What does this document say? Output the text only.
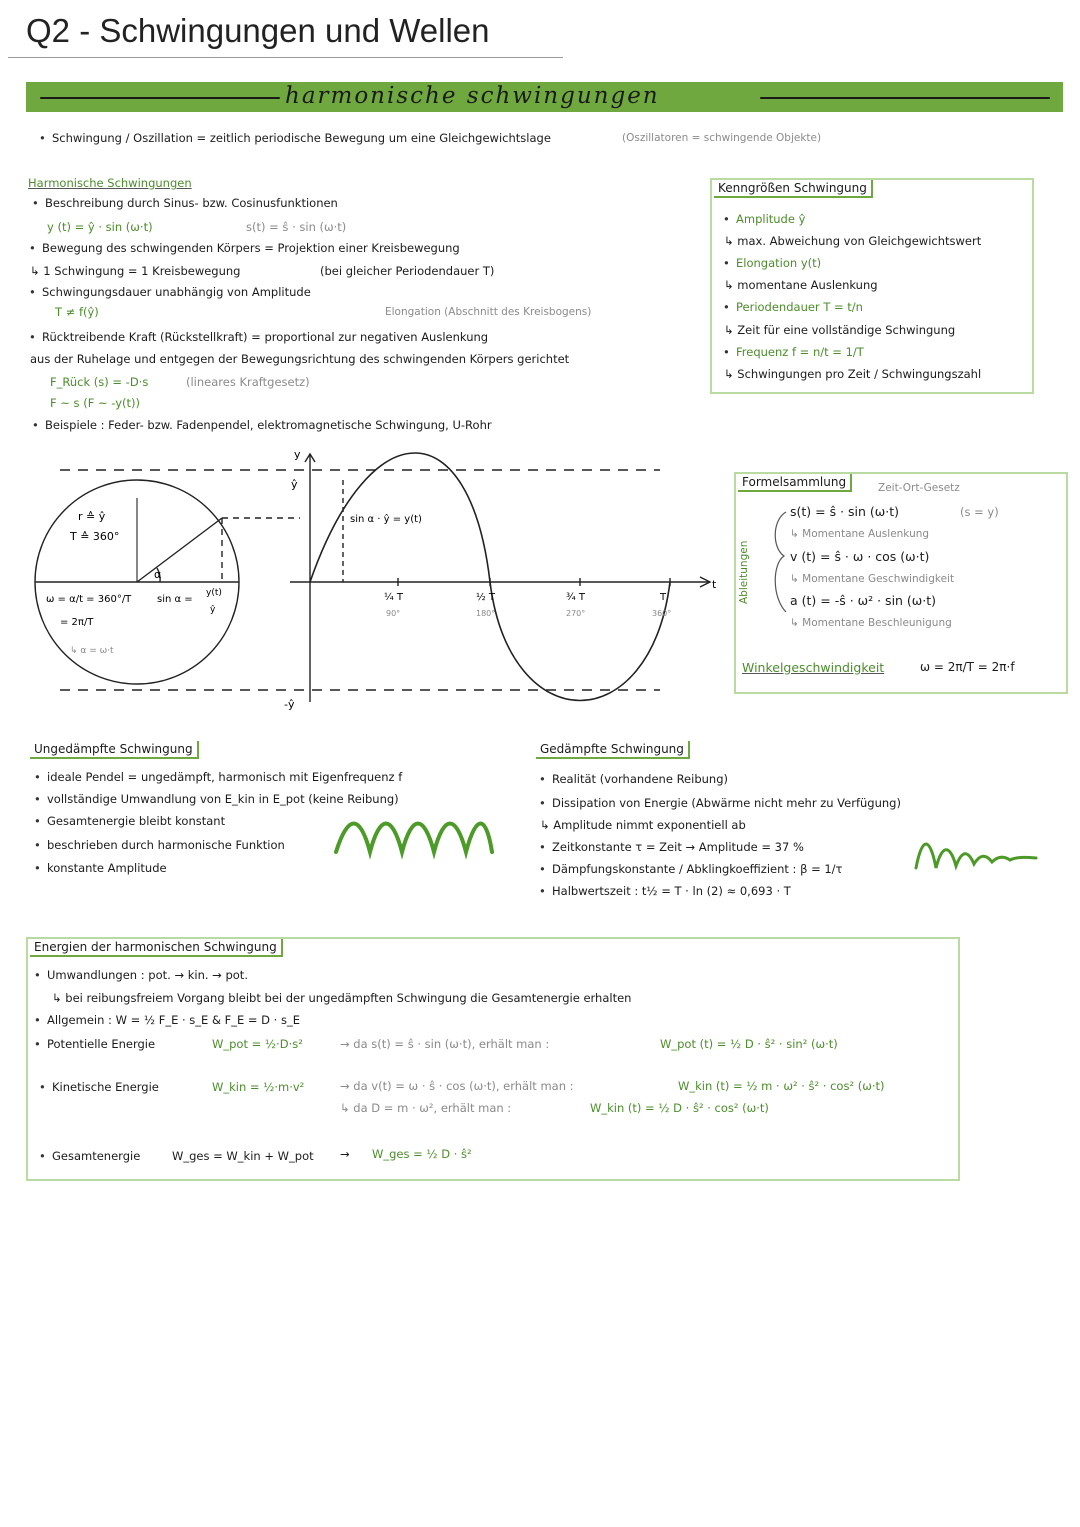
Q2 - Schwingungen und Wellen
harmonische schwingungen
• Schwingung / Oszillation = zeitlich periodische Bewegung um eine Gleichgewichtslage	(Oszillatoren = schwingende Objekte)
Harmonische Schwingungen
• Beschreibung durch Sinus- bzw. Cosinusfunktionen
y (t) = ŷ · sin (ω·t)	s(t) = ŝ · sin (ω·t)
• Bewegung des schwingenden Körpers = Projektion einer Kreisbewegung
↳ 1 Schwingung = 1 Kreisbewegung	(bei gleicher Periodendauer T)
• Schwingungsdauer unabhängig von Amplitude
T ≠ f(ŷ)	Elongation (Abschnitt des Kreisbogens)
• Rücktreibende Kraft (Rückstellkraft) = proportional zur negativen Auslenkung
aus der Ruhelage und entgegen der Bewegungsrichtung des schwingenden Körpers gerichtet
F_Rück (s) = -D·s	(lineares Kraftgesetz)
F ~ s (F ~ -y(t))
• Beispiele : Feder- bzw. Fadenpendel, elektromagnetische Schwingung, U-Rohr
Kenngrößen Schwingung
• Amplitude ŷ
↳ max. Abweichung von Gleichgewichtswert
• Elongation y(t)
↳ momentane Auslenkung
• Periodendauer T = t/n
↳ Zeit für eine vollständige Schwingung
• Frequenz f = n/t = 1/T
↳ Schwingungen pro Zeit / Schwingungszahl
r ≙ ŷ
T ≙ 360°
α
ω = α/t = 360°/T
= 2π/T
↳ α = ω·t
sin α =
y(t)
ŷ
y
ŷ
-ŷ
t
sin α · ŷ = y(t)
¼ T
90°
½ T
180°
¾ T
270°
T
360°
Formelsammlung	Zeit-Ort-Gesetz
Ableitungen
s(t) = ŝ · sin (ω·t)	(s = y)
↳ Momentane Auslenkung
v (t) = ŝ · ω · cos (ω·t)
↳ Momentane Geschwindigkeit
a (t) = -ŝ · ω² · sin (ω·t)
↳ Momentane Beschleunigung
Winkelgeschwindigkeit	ω = 2π/T = 2π·f
Ungedämpfte Schwingung
• ideale Pendel = ungedämpft, harmonisch mit Eigenfrequenz f
• vollständige Umwandlung von E_kin in E_pot (keine Reibung)
• Gesamtenergie bleibt konstant
• beschrieben durch harmonische Funktion
• konstante Amplitude
Gedämpfte Schwingung
• Realität (vorhandene Reibung)
• Dissipation von Energie (Abwärme nicht mehr zu Verfügung)
↳ Amplitude nimmt exponentiell ab
• Zeitkonstante τ = Zeit → Amplitude = 37 %
• Dämpfungskonstante / Abklingkoeffizient : β = 1/τ
• Halbwertszeit : t½ = T · ln (2) ≈ 0,693 · T
Energien der harmonischen Schwingung
• Umwandlungen : pot. → kin. → pot.
↳ bei reibungsfreiem Vorgang bleibt bei der ungedämpften Schwingung die Gesamtenergie erhalten
• Allgemein : W = ½ F_E · s_E & F_E = D · s_E
• Potentielle Energie	W_pot = ½·D·s²	→ da s(t) = ŝ · sin (ω·t), erhält man :	W_pot (t) = ½ D · ŝ² · sin² (ω·t)
• Kinetische Energie	W_kin = ½·m·v²	→ da v(t) = ω · ŝ · cos (ω·t), erhält man :	W_kin (t) = ½ m · ω² · ŝ² · cos² (ω·t)
↳ da D = m · ω², erhält man :	W_kin (t) = ½ D · ŝ² · cos² (ω·t)
• Gesamtenergie	W_ges = W_kin + W_pot → W_ges = ½ D · ŝ²
